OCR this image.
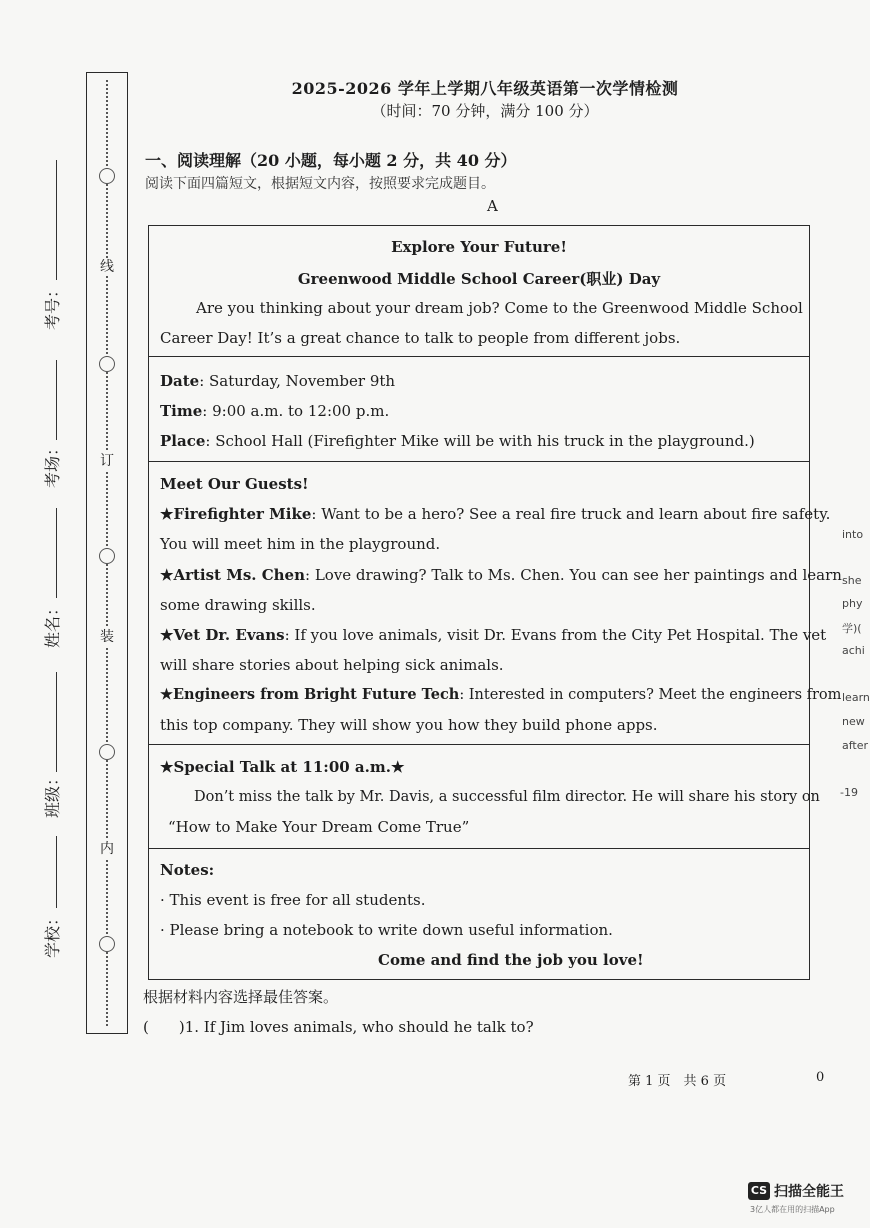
线
订
装
内
考号：
考场：
姓名：
班级：
学校：
2025-2026 学年上学期八年级英语第一次学情检测
（时间：70 分钟，满分 100 分）
一、阅读理解（20 小题，每小题 2 分，共 40 分）
阅读下面四篇短文，根据短文内容，按照要求完成题目。
A
Explore Your Future!
Greenwood Middle School Career(职业) Day
Are you thinking about your dream job? Come to the Greenwood Middle School
Career Day! It’s a great chance to talk to people from different jobs.
Date: Saturday, November 9th
Time: 9:00 a.m. to 12:00 p.m.
Place: School Hall (Firefighter Mike will be with his truck in the playground.)
Meet Our Guests!
★Firefighter Mike: Want to be a hero? See a real fire truck and learn about fire safety.
You will meet him in the playground.
★Artist Ms. Chen: Love drawing? Talk to Ms. Chen. You can see her paintings and learn
some drawing skills.
★Vet Dr. Evans: If you love animals, visit Dr. Evans from the City Pet Hospital. The vet
will share stories about helping sick animals.
★Engineers from Bright Future Tech: Interested in computers? Meet the engineers from
this top company. They will show you how they build phone apps.
★Special Talk at 11:00 a.m.★
Don’t miss the talk by Mr. Davis, a successful film director. He will share his story on
“How to Make Your Dream Come True”
Notes:
· This event is free for all students.
· Please bring a notebook to write down useful information.
Come and find the job you love!
根据材料内容选择最佳答案。
(　　)1. If Jim loves animals, who should he talk to?
第 1 页　共 6 页	0
into
she
phy
学)(
achi
learn
new
after
-19
CS 扫描全能王
3亿人都在用的扫描App
